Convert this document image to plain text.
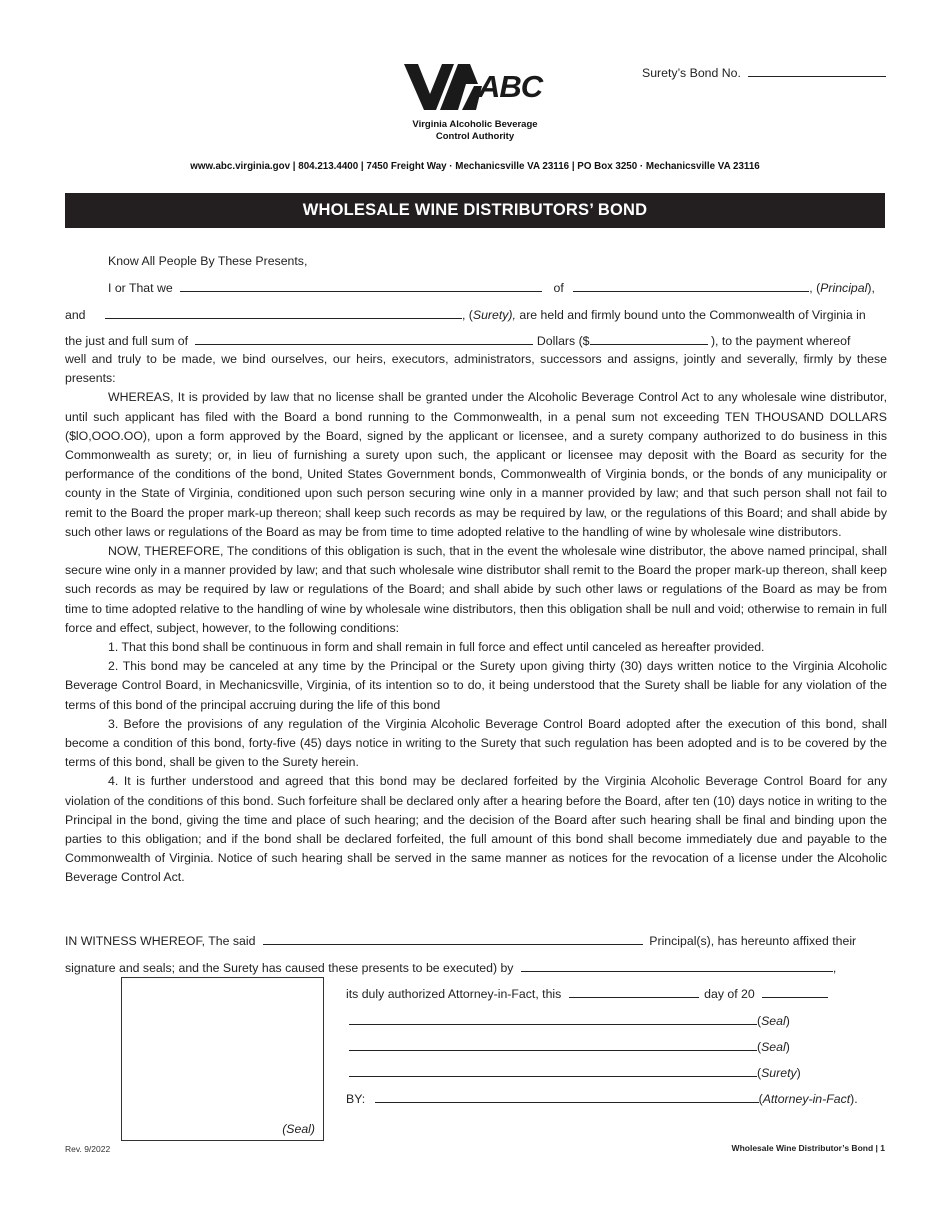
Surety’s Bond No.
ABC
Virginia Alcoholic Beverage
Control Authority
www.abc.virginia.gov | 804.213.4400 | 7450 Freight Way · Mechanicsville VA 23116 | PO Box 3250 · Mechanicsville VA 23116
WHOLESALE WINE DISTRIBUTORS’ BOND
Know All People By These Presents,
I or That we	of	, (Principal),
and	, (Surety), are held and firmly bound unto the Commonwealth of Virginia in
the just and full sum of	Dollars ($	), to the payment whereof

well and truly to be made, we bind ourselves, our heirs, executors, administrators, successors and assigns, jointly and severally, firmly by these presents:

WHEREAS, It is provided by law that no license shall be granted under the Alcoholic Beverage Control Act to any wholesale wine distributor, until such applicant has filed with the Board a bond running to the Commonwealth, in a penal sum not exceeding TEN THOUSAND DOLLARS ($lO,OOO.OO), upon a form approved by the Board, signed by the applicant or licensee, and a surety company authorized to do business in this Commonwealth as surety; or, in lieu of furnishing a surety upon such, the applicant or licensee may deposit with the Board as security for the performance of the conditions of the bond, United States Government bonds, Commonwealth of Virginia bonds, or the bonds of any municipality or county in the State of Virginia, conditioned upon such person securing wine only in a manner provided by law; and that such person shall not fail to remit to the Board the proper mark-up thereon; shall keep such records as may be required by law, or the regulations of this Board; and shall abide by such other laws or regulations of the Board as may be from time to time adopted relative to the handling of wine by wholesale wine distributors.

NOW, THEREFORE, The conditions of this obligation is such, that in the event the wholesale wine distributor, the above named principal, shall secure wine only in a manner provided by law; and that such wholesale wine distributor shall remit to the Board the proper mark-up thereon, shall keep such records as may be required by law or regulations of the Board; and shall abide by such other laws or regulations of the Board as may be from time to time adopted relative to the handling of wine by wholesale wine distributors, then this obligation shall be null and void; otherwise to remain in full force and effect, subject, however, to the following conditions:

1. That this bond shall be continuous in form and shall remain in full force and effect until canceled as hereafter provided.

2. This bond may be canceled at any time by the Principal or the Surety upon giving thirty (30) days written notice to the Virginia Alcoholic Beverage Control Board, in Mechanicsville, Virginia, of its intention so to do, it being understood that the Surety shall be liable for any violation of the terms of this bond of the principal accruing during the life of this bond

3. Before the provisions of any regulation of the Virginia Alcoholic Beverage Control Board adopted after the execution of this bond, shall become a condition of this bond, forty-five (45) days notice in writing to the Surety that such regulation has been adopted and is to be covered by the terms of this bond, shall be given to the Surety herein.

4. It is further understood and agreed that this bond may be declared forfeited by the Virginia Alcoholic Beverage Control Board for any violation of the conditions of this bond. Such forfeiture shall be declared only after a hearing before the Board, after ten (10) days notice in writing to the Principal in the bond, giving the time and place of such hearing; and the decision of the Board after such hearing shall be final and binding upon the parties to this obligation; and if the bond shall be declared forfeited, the full amount of this bond shall become immediately due and payable to the Commonwealth of Virginia. Notice of such hearing shall be served in the same manner as notices for the revocation of a license under the Alcoholic Beverage Control Act.

IN WITNESS WHEREOF, The said	Principal(s), has hereunto affixed their
signature and seals; and the Surety has caused these presents to be executed) by	,
its duly authorized Attorney-in-Fact, this	day of 20
(Seal)
(Seal)
(Surety)
BY:	(Attorney-in-Fact).
(Seal)
Rev. 9/2022	Wholesale Wine Distributor’s Bond | 1
